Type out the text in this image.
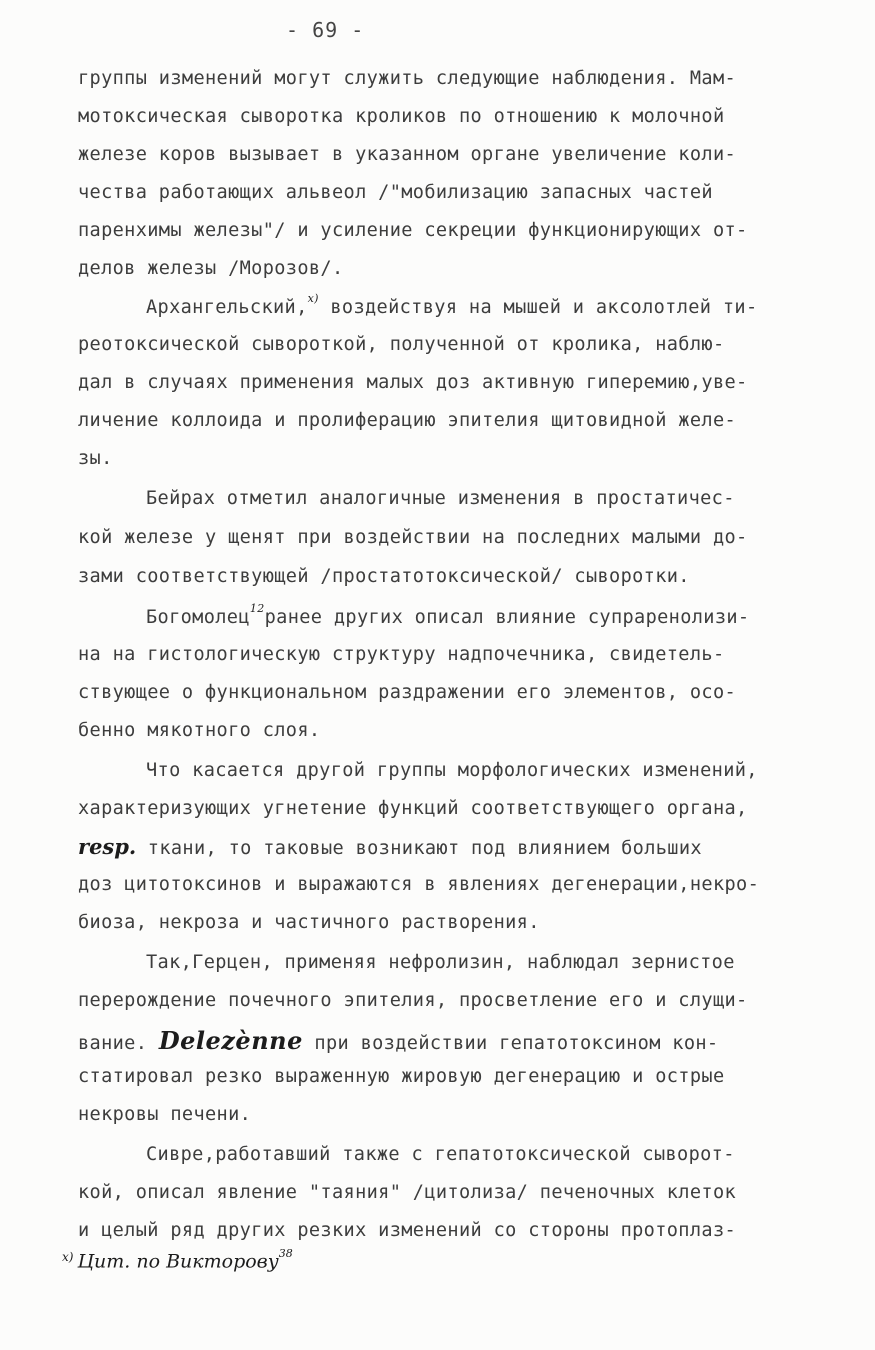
- 69 -
группы изменений могут служить следующие наблюдения. Мам-
мотоксическая сыворотка кроликов по отношению к молочной
железе коров вызывает в указанном органе увеличение коли-
чества работающих альвеол /"мобилизацию запасных частей
паренхимы железы"/ и усиление секреции функционирующих от-
делов железы /Морозов/.
Архангельский,$^{x)}$ воздействуя на мышей и аксолотлей ти-
реотоксической сывороткой, полученной от кролика, наблю-
дал в случаях применения малых доз активную гиперемию,уве-
личение коллоида и пролиферацию эпителия щитовидной желе-
зы.
Бейрах отметил аналогичные изменения в простатичес-
кой железе у щенят при воздействии на последних малыми до-
зами соответствующей /простатотоксической/ сыворотки.
Богомолец$^{12}$ранее других описал влияние супраренолизи-
на на гистологическую структуру надпочечника, свидетель-
ствующее о функциональном раздражении его элементов, осо-
бенно мякотного слоя.
Что касается другой группы морфологических изменений,
характеризующих угнетение функций соответствующего органа,
resp. ткани, то таковые возникают под влиянием больших
доз цитотоксинов и выражаются в явлениях дегенерации,некро-
биоза, некроза и частичного растворения.
Так,Герцен, применяя нефролизин, наблюдал зернистое
перерождение почечного эпителия, просветление его и слущи-
вание. Delezènne при воздействии гепатотоксином кон-
статировал резко выраженную жировую дегенерацию и острые
некровы печени.
Сивре,работавший также с гепатотоксической сыворот-
кой, описал явление "таяния" /цитолиза/ печеночных клеток
и целый ряд других резких изменений со стороны протоплаз-
$^{x)}$ Цит. по Викторову$^{38}$
